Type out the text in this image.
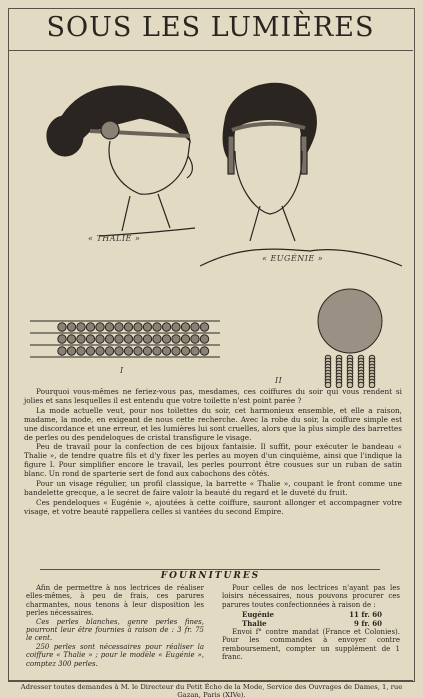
SOUS LES LUMIÈRES
« THALIE »
« EUGÉNIE »
I
II

Pourquoi vous-mêmes ne feriez-vous pas, mesdames, ces coiffures du soir qui vous rendent si jolies et sans lesquelles il est entendu que votre toilette n'est point parée ?

La mode actuelle veut, pour nos toilettes du soir, cet harmonieux ensemble, et elle a raison, madame, la mode, en exigeant de nous cette recherche. Avec la robe du soir, la coiffure simple est une discordance et une erreur, et les lumières lui sont cruelles, alors que la plus simple des barrettes de perles ou des pendeloques de cristal transfigure le visage.

Peu de travail pour la confection de ces bijoux fantaisie. Il suffit, pour exécuter le bandeau « Thalie », de tendre quatre fils et d'y fixer les perles au moyen d'un cinquième, ainsi que l'indique la figure I. Pour simplifier encore le travail, les perles pourront être cousues sur un ruban de satin blanc. Un rond de sparterie sert de fond aux cabochons des côtés.

Pour un visage régulier, un profil classique, la barrette « Thalie », coupant le front comme une bandelette grecque, a le secret de faire valoir la beauté du regard et le duveté du fruit.

Ces pendeloques « Eugénie », ajoutées à cette coiffure, sauront allonger et accompagner votre visage, et votre beauté rappellera celles si vantées du second Empire.

FOURNITURES

Afin de permettre à nos lectrices de réaliser elles-mêmes, à peu de frais, ces parures charmantes, nous tenons à leur disposition les perles nécessaires.

Ces perles blanches, genre perles fines, pourront leur être fournies à raison de : 3 fr. 75 le cent.

250 perles sont nécessaires pour réaliser la coiffure « Thalie » ; pour le modèle « Eugénie », comptez 300 perles.

Pour celles de nos lectrices n'ayant pas les loisirs nécessaires, nous pouvons procurer ces parures toutes confectionnées à raison de :

Eugénie	11 fr. 60
Thalie	9 fr. 60

Envoi f° contre mandat (France et Colonies). Pour les commandes à envoyer contre remboursement, compter un supplément de 1 franc.

Adresser toutes demandes à M. le Directeur du Petit Écho de la Mode, Service des Ouvrages de Dames, 1, rue Gazan, Paris (XIVe).
